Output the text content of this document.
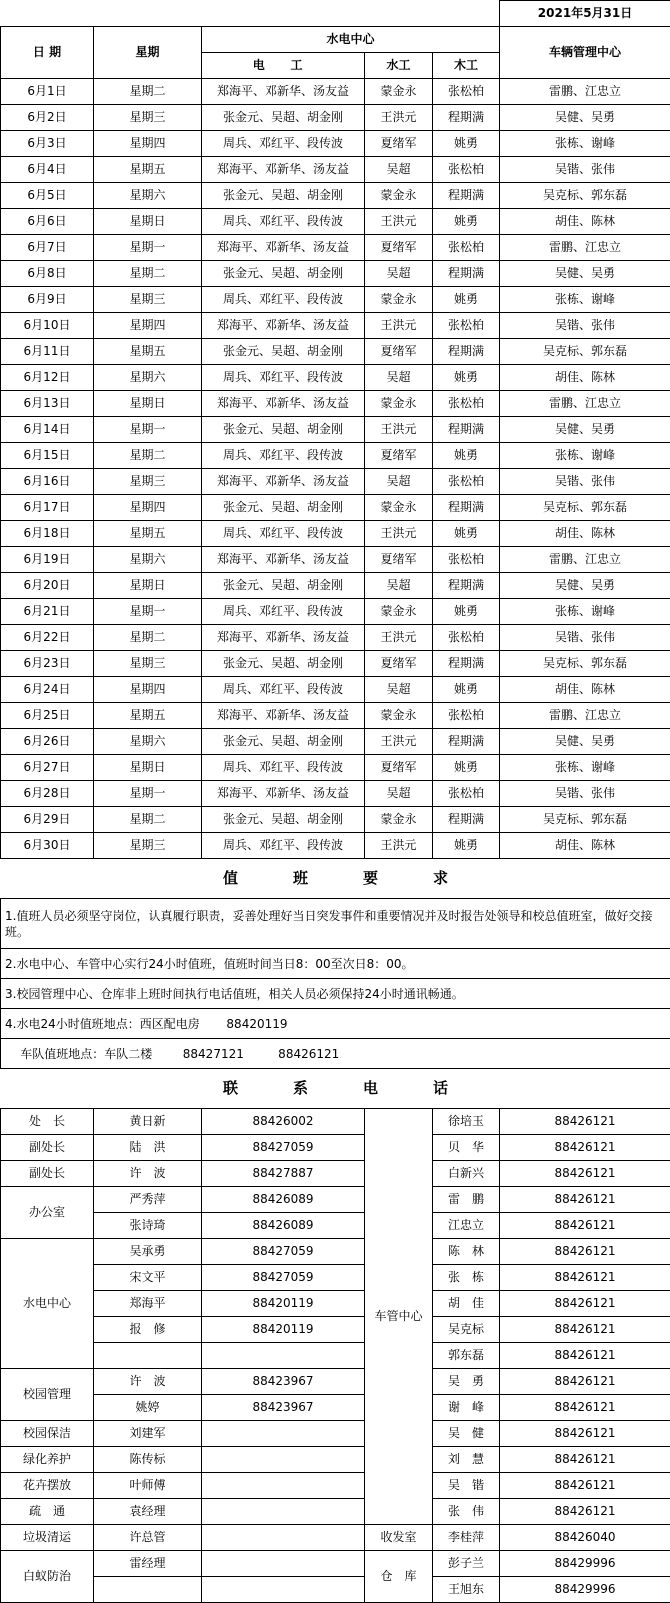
					2021年5月31日
日 期	星期	水电中心			车辆管理中心
		电 工	水工	木工	
6月1日	星期二	郑海平、邓新华、汤友益	蒙金永	张松柏	雷鹏、江忠立
6月2日	星期三	张金元、吴超、胡金刚	王洪元	程期满	吴健、吴勇
6月3日	星期四	周兵、邓红平、段传波	夏绪军	姚勇	张栋、谢峰
6月4日	星期五	郑海平、邓新华、汤友益	吴超	张松柏	吴锴、张伟
6月5日	星期六	张金元、吴超、胡金刚	蒙金永	程期满	吴克标、郭东磊
6月6日	星期日	周兵、邓红平、段传波	王洪元	姚勇	胡佳、陈林
6月7日	星期一	郑海平、邓新华、汤友益	夏绪军	张松柏	雷鹏、江忠立
6月8日	星期二	张金元、吴超、胡金刚	吴超	程期满	吴健、吴勇
6月9日	星期三	周兵、邓红平、段传波	蒙金永	姚勇	张栋、谢峰
6月10日	星期四	郑海平、邓新华、汤友益	王洪元	张松柏	吴锴、张伟
6月11日	星期五	张金元、吴超、胡金刚	夏绪军	程期满	吴克标、郭东磊
6月12日	星期六	周兵、邓红平、段传波	吴超	姚勇	胡佳、陈林
6月13日	星期日	郑海平、邓新华、汤友益	蒙金永	张松柏	雷鹏、江忠立
6月14日	星期一	张金元、吴超、胡金刚	王洪元	程期满	吴健、吴勇
6月15日	星期二	周兵、邓红平、段传波	夏绪军	姚勇	张栋、谢峰
6月16日	星期三	郑海平、邓新华、汤友益	吴超	张松柏	吴锴、张伟
6月17日	星期四	张金元、吴超、胡金刚	蒙金永	程期满	吴克标、郭东磊
6月18日	星期五	周兵、邓红平、段传波	王洪元	姚勇	胡佳、陈林
6月19日	星期六	郑海平、邓新华、汤友益	夏绪军	张松柏	雷鹏、江忠立
6月20日	星期日	张金元、吴超、胡金刚	吴超	程期满	吴健、吴勇
6月21日	星期一	周兵、邓红平、段传波	蒙金永	姚勇	张栋、谢峰
6月22日	星期二	郑海平、邓新华、汤友益	王洪元	张松柏	吴锴、张伟
6月23日	星期三	张金元、吴超、胡金刚	夏绪军	程期满	吴克标、郭东磊
6月24日	星期四	周兵、邓红平、段传波	吴超	姚勇	胡佳、陈林
6月25日	星期五	郑海平、邓新华、汤友益	蒙金永	张松柏	雷鹏、江忠立
6月26日	星期六	张金元、吴超、胡金刚	王洪元	程期满	吴健、吴勇
6月27日	星期日	周兵、邓红平、段传波	夏绪军	姚勇	张栋、谢峰
6月28日	星期一	郑海平、邓新华、汤友益	吴超	张松柏	吴锴、张伟
6月29日	星期二	张金元、吴超、胡金刚	蒙金永	程期满	吴克标、郭东磊
6月30日	星期三	周兵、邓红平、段传波	王洪元	姚勇	胡佳、陈林
值 班 要 求					
1.值班人员必须坚守岗位，认真履行职责，妥善处理好当日突发事件和重要情况并及时报告处领导和校总值班室，做好交接班。					
2.水电中心、车管中心实行24小时值班，值班时间当日8：00至次日8：00。					
3.校园管理中心、仓库非上班时间执行电话值班，相关人员必须保持24小时通讯畅通。					
4.水电24小时值班地点：西区配电房       88420119					
车队值班地点：车队二楼        88427121         88426121					
联 系 电 话					
处　长	黄日新	88426002	车管中心	徐培玉	88426121
副处长	陆　洪	88427059		贝　华	88426121
副处长	许　波	88427887		白新兴	88426121
办公室	严秀萍	88426089		雷　鹏	88426121
	张诗琦	88426089		江忠立	88426121
水电中心	吴承勇	88427059		陈　林	88426121
	宋文平	88427059		张　栋	88426121
	郑海平	88420119		胡　佳	88426121
	报　修	88420119		吴克标	88426121
				郭东磊	88426121
校园管理	许　波	88423967		吴　勇	88426121
	姚婷	88423967		谢　峰	88426121
校园保洁	刘建军			吴　健	88426121
绿化养护	陈传标			刘　慧	88426121
花卉摆放	叶师傅			吴　锴	88426121
疏　通	袁经理			张　伟	88426121
垃圾清运	许总管		收发室	李桂萍	88426040
白蚁防治	雷经理		仓　库	彭子兰	88429996
				王旭东	88429996
